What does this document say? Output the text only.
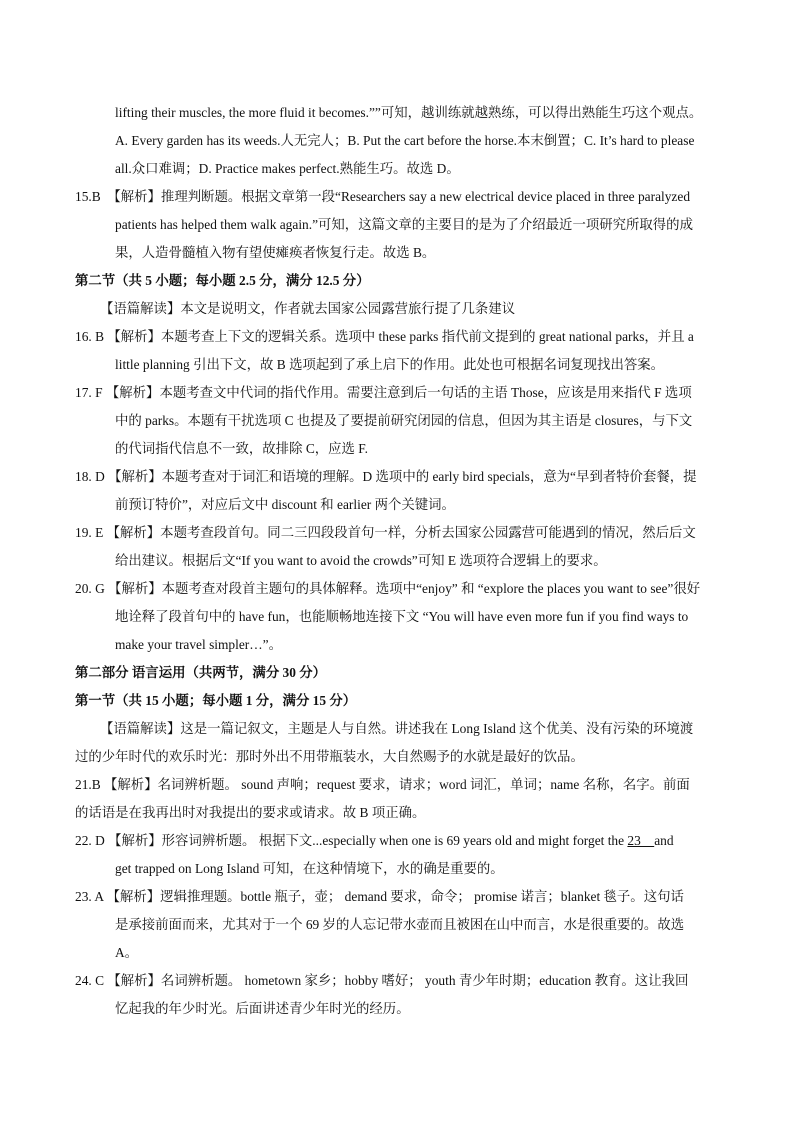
lifting their muscles, the more fluid it becomes.””可知，越训练就越熟练，可以得出熟能生巧这个观点。
A. Every garden has its weeds.人无完人；B. Put the cart before the horse.本末倒置；C. It’s hard to please
all.众口难调；D. Practice makes perfect.熟能生巧。故选 D。
15.B　【解析】推理判断题。根据文章第一段“Researchers say a new electrical device placed in three paralyzed
patients has helped them walk again.”可知，这篇文章的主要目的是为了介绍最近一项研究所取得的成
果，人造骨髓植入物有望使瘫痪者恢复行走。故选 B。
第二节（共 5 小题；每小题 2.5 分，满分 12.5 分）
【语篇解读】本文是说明文，作者就去国家公园露营旅行提了几条建议
16. B 【解析】本题考查上下文的逻辑关系。选项中 these parks 指代前文提到的 great national parks，并且 a
little planning 引出下文，故 B 选项起到了承上启下的作用。此处也可根据名词复现找出答案。
17. F 【解析】本题考查文中代词的指代作用。需要注意到后一句话的主语 Those，应该是用来指代 F 选项
中的 parks。本题有干扰选项 C 也提及了要提前研究闭园的信息，但因为其主语是 closures，与下文
的代词指代信息不一致，故排除 C，应选 F.
18. D 【解析】本题考查对于词汇和语境的理解。D 选项中的 early bird specials，意为“早到者特价套餐，提
前预订特价”，对应后文中 discount 和 earlier 两个关键词。
19. E 【解析】本题考查段首句。同二三四段段首句一样，分析去国家公园露营可能遇到的情况，然后后文
给出建议。根据后文“If you want to avoid the crowds”可知 E 选项符合逻辑上的要求。
20. G 【解析】本题考查对段首主题句的具体解释。选项中“enjoy” 和 “explore the places you want to see”很好
地诠释了段首句中的 have fun，也能顺畅地连接下文 “You will have even more fun if you find ways to
make your travel simpler…”。
第二部分 语言运用（共两节，满分 30 分）
第一节（共 15 小题；每小题 1 分，满分 15 分）
【语篇解读】这是一篇记叙文，主题是人与自然。讲述我在 Long Island 这个优美、没有污染的环境渡
过的少年时代的欢乐时光：那时外出不用带瓶装水，大自然赐予的水就是最好的饮品。
21.B 【解析】名词辨析题。 sound 声响；request 要求，请求；word 词汇，单词；name 名称，名字。前面
的话语是在我再出时对我提出的要求或请求。故 B 项正确。
22. D 【解析】形容词辨析题。 根据下文...especially when one is 69 years old and might forget the 23　and
get trapped on Long Island 可知，在这种情境下，水的确是重要的。
23. A 【解析】逻辑推理题。bottle 瓶子，壶； demand 要求，命令； promise 诺言；blanket 毯子。这句话
是承接前面而来，尤其对于一个 69 岁的人忘记带水壶而且被困在山中而言，水是很重要的。故选
A。
24. C 【解析】名词辨析题。 hometown 家乡；hobby 嗜好； youth 青少年时期；education 教育。这让我回
忆起我的年少时光。后面讲述青少年时光的经历。
